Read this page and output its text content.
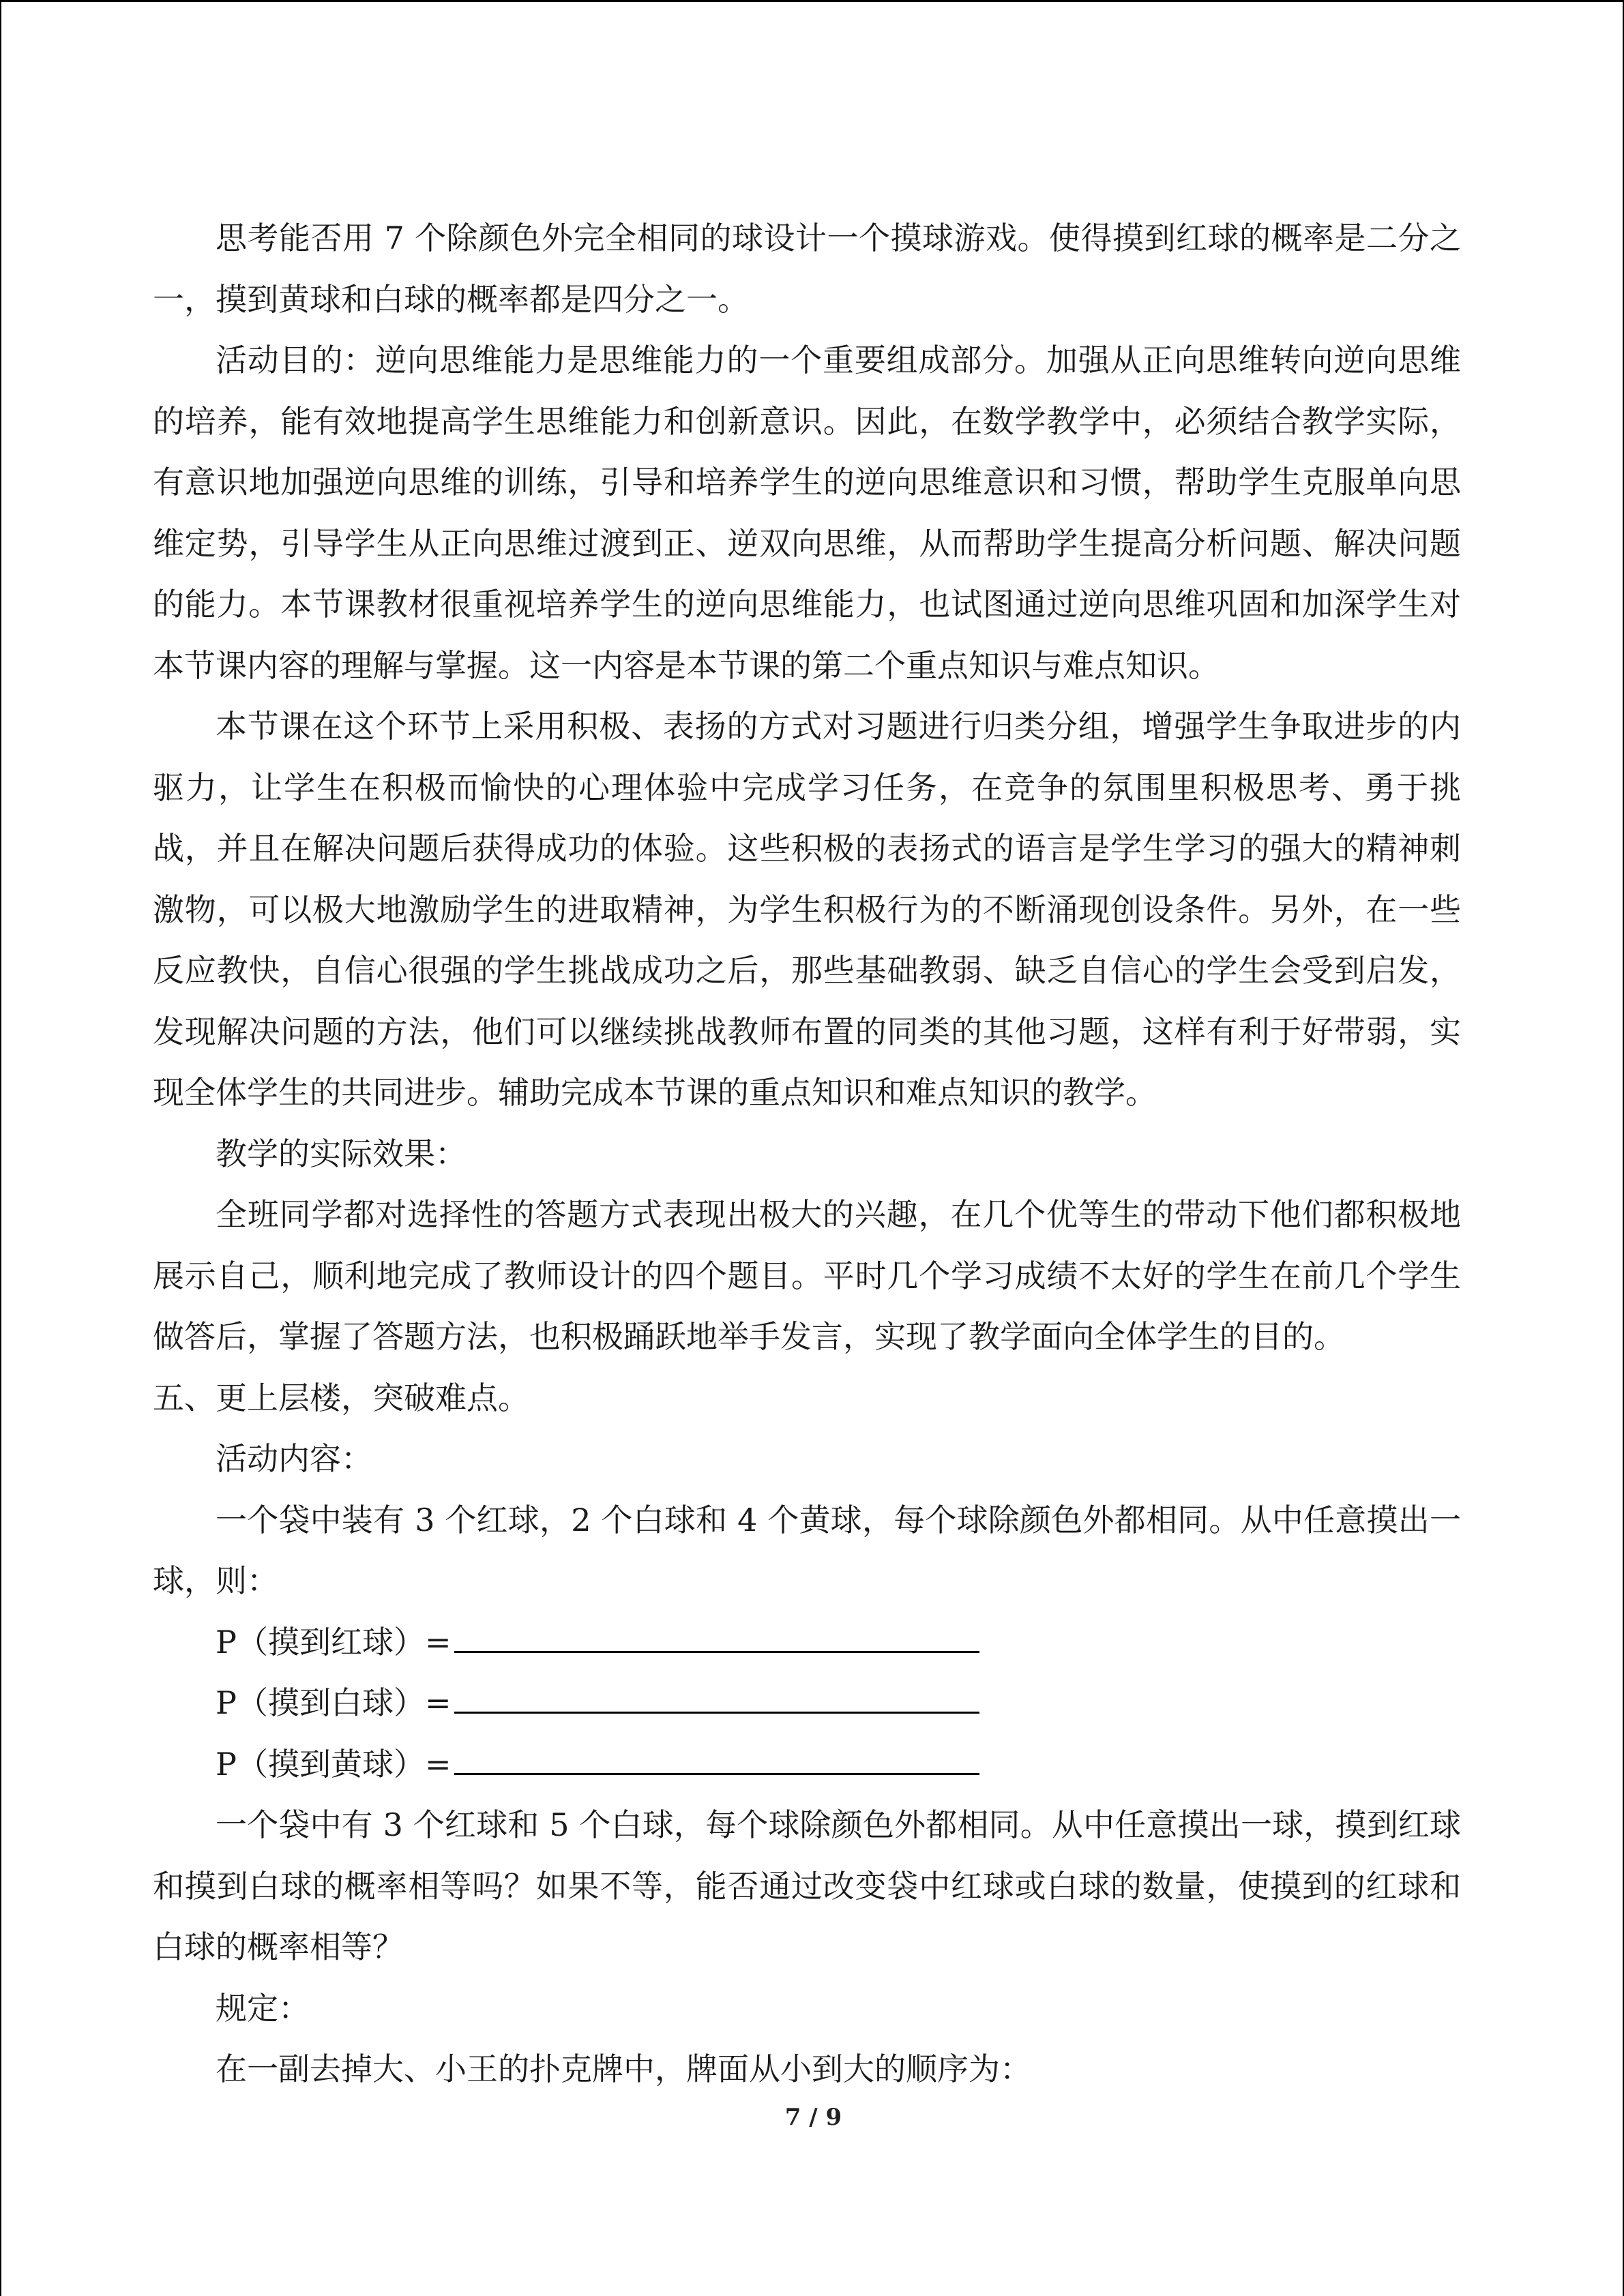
思考能否用 7 个除颜色外完全相同的球设计一个摸球游戏。使得摸到红球的概率是二分之一，摸到黄球和白球的概率都是四分之一。

活动目的：逆向思维能力是思维能力的一个重要组成部分。加强从正向思维转向逆向思维的培养，能有效地提高学生思维能力和创新意识。因此，在数学教学中，必须结合教学实际，有意识地加强逆向思维的训练，引导和培养学生的逆向思维意识和习惯，帮助学生克服单向思维定势，引导学生从正向思维过渡到正、逆双向思维，从而帮助学生提高分析问题、解决问题的能力。本节课教材很重视培养学生的逆向思维能力，也试图通过逆向思维巩固和加深学生对本节课内容的理解与掌握。这一内容是本节课的第二个重点知识与难点知识。

本节课在这个环节上采用积极、表扬的方式对习题进行归类分组，增强学生争取进步的内驱力，让学生在积极而愉快的心理体验中完成学习任务，在竞争的氛围里积极思考、勇于挑战，并且在解决问题后获得成功的体验。这些积极的表扬式的语言是学生学习的强大的精神刺激物，可以极大地激励学生的进取精神，为学生积极行为的不断涌现创设条件。另外，在一些反应教快，自信心很强的学生挑战成功之后，那些基础教弱、缺乏自信心的学生会受到启发，发现解决问题的方法，他们可以继续挑战教师布置的同类的其他习题，这样有利于好带弱，实现全体学生的共同进步。辅助完成本节课的重点知识和难点知识的教学。

教学的实际效果：

全班同学都对选择性的答题方式表现出极大的兴趣，在几个优等生的带动下他们都积极地展示自己，顺利地完成了教师设计的四个题目。平时几个学习成绩不太好的学生在前几个学生做答后，掌握了答题方法，也积极踊跃地举手发言，实现了教学面向全体学生的目的。

五、更上层楼，突破难点。

活动内容：

一个袋中装有 3 个红球，2 个白球和 4 个黄球，每个球除颜色外都相同。从中任意摸出一球，则：

P（摸到红球）=
P（摸到白球）=
P（摸到黄球）=

一个袋中有 3 个红球和 5 个白球，每个球除颜色外都相同。从中任意摸出一球，摸到红球和摸到白球的概率相等吗？如果不等，能否通过改变袋中红球或白球的数量，使摸到的红球和白球的概率相等？

规定：

在一副去掉大、小王的扑克牌中，牌面从小到大的顺序为：

7 / 9
